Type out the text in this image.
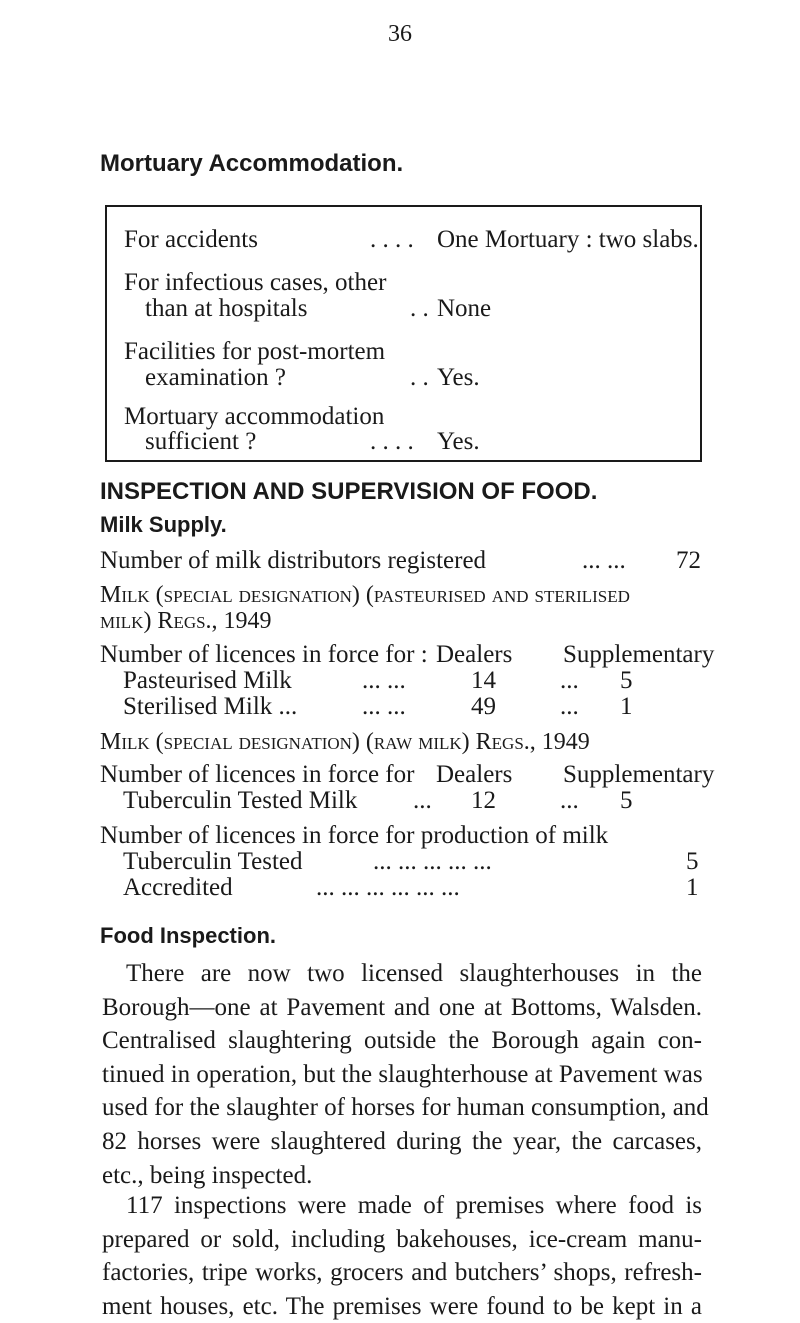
36
Mortuary Accommodation.
For accidents	. . . . One Mortuary : two slabs.
For infectious cases, other
than at hospitals	. . None
Facilities for post-mortem
examination ?	. . Yes.
Mortuary accommodation
sufficient ?	. . . . Yes.
INSPECTION AND SUPERVISION OF FOOD.
Milk Supply.
Number of milk distributors registered	... ... 72
Milk (special designation) (pasteurised and sterilised
milk) Regs., 1949
Number of licences in force for : Dealers Supplementary
Pasteurised Milk	... ...	14	... 5
Sterilised Milk ...	... ...	49	... 1
Milk (special designation) (raw milk) Regs., 1949
Number of licences in force for Dealers Supplementary
Tuberculin Tested Milk ... 12	... 5
Number of licences in force for production of milk
Tuberculin Tested	... ... ... ... ...	5
Accredited	... ... ... ... ... ...	1
Food Inspection.
There are now two licensed slaughterhouses in the
Borough—one at Pavement and one at Bottoms, Walsden.
Centralised slaughtering outside the Borough again con-
tinued in operation, but the slaughterhouse at Pavement was
used for the slaughter of horses for human consumption, and
82 horses were slaughtered during the year, the carcases,
etc., being inspected.
117 inspections were made of premises where food is
prepared or sold, including bakehouses, ice-cream manu-
factories, tripe works, grocers and butchers’ shops, refresh-
ment houses, etc. The premises were found to be kept in a
